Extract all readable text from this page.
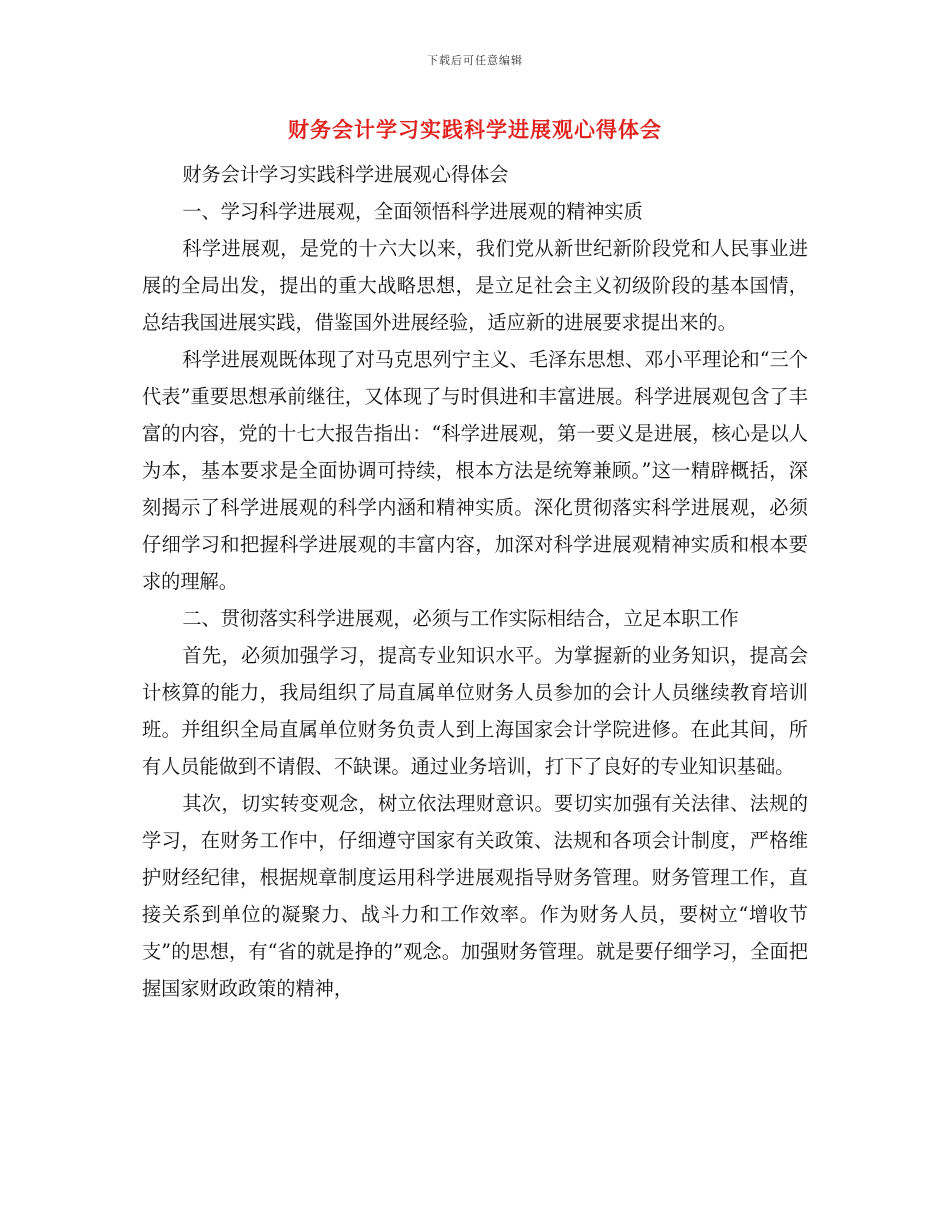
下载后可任意编辑
财务会计学习实践科学进展观心得体会

财务会计学习实践科学进展观心得体会

一、学习科学进展观，全面领悟科学进展观的精神实质

科学进展观，是党的十六大以来，我们党从新世纪新阶段党和人民事业进展的全局出发，提出的重大战略思想，是立足社会主义初级阶段的基本国情，总结我国进展实践，借鉴国外进展经验，适应新的进展要求提出来的。

科学进展观既体现了对马克思列宁主义、毛泽东思想、邓小平理论和“三个代表”重要思想承前继往，又体现了与时俱进和丰富进展。科学进展观包含了丰富的内容，党的十七大报告指出：“科学进展观，第一要义是进展，核心是以人为本，基本要求是全面协调可持续，根本方法是统筹兼顾。”这一精辟概括，深刻揭示了科学进展观的科学内涵和精神实质。深化贯彻落实科学进展观，必须仔细学习和把握科学进展观的丰富内容，加深对科学进展观精神实质和根本要求的理解。

二、贯彻落实科学进展观，必须与工作实际相结合，立足本职工作

首先，必须加强学习，提高专业知识水平。为掌握新的业务知识，提高会计核算的能力，我局组织了局直属单位财务人员参加的会计人员继续教育培训班。并组织全局直属单位财务负责人到上海国家会计学院进修。在此其间，所有人员能做到不请假、不缺课。通过业务培训，打下了良好的专业知识基础。

其次，切实转变观念，树立依法理财意识。要切实加强有关法律、法规的学习，在财务工作中，仔细遵守国家有关政策、法规和各项会计制度，严格维护财经纪律，根据规章制度运用科学进展观指导财务管理。财务管理工作，直接关系到单位的凝聚力、战斗力和工作效率。作为财务人员，要树立“增收节支”的思想，有“省的就是挣的”观念。加强财务管理。就是要仔细学习，全面把握国家财政政策的精神，
